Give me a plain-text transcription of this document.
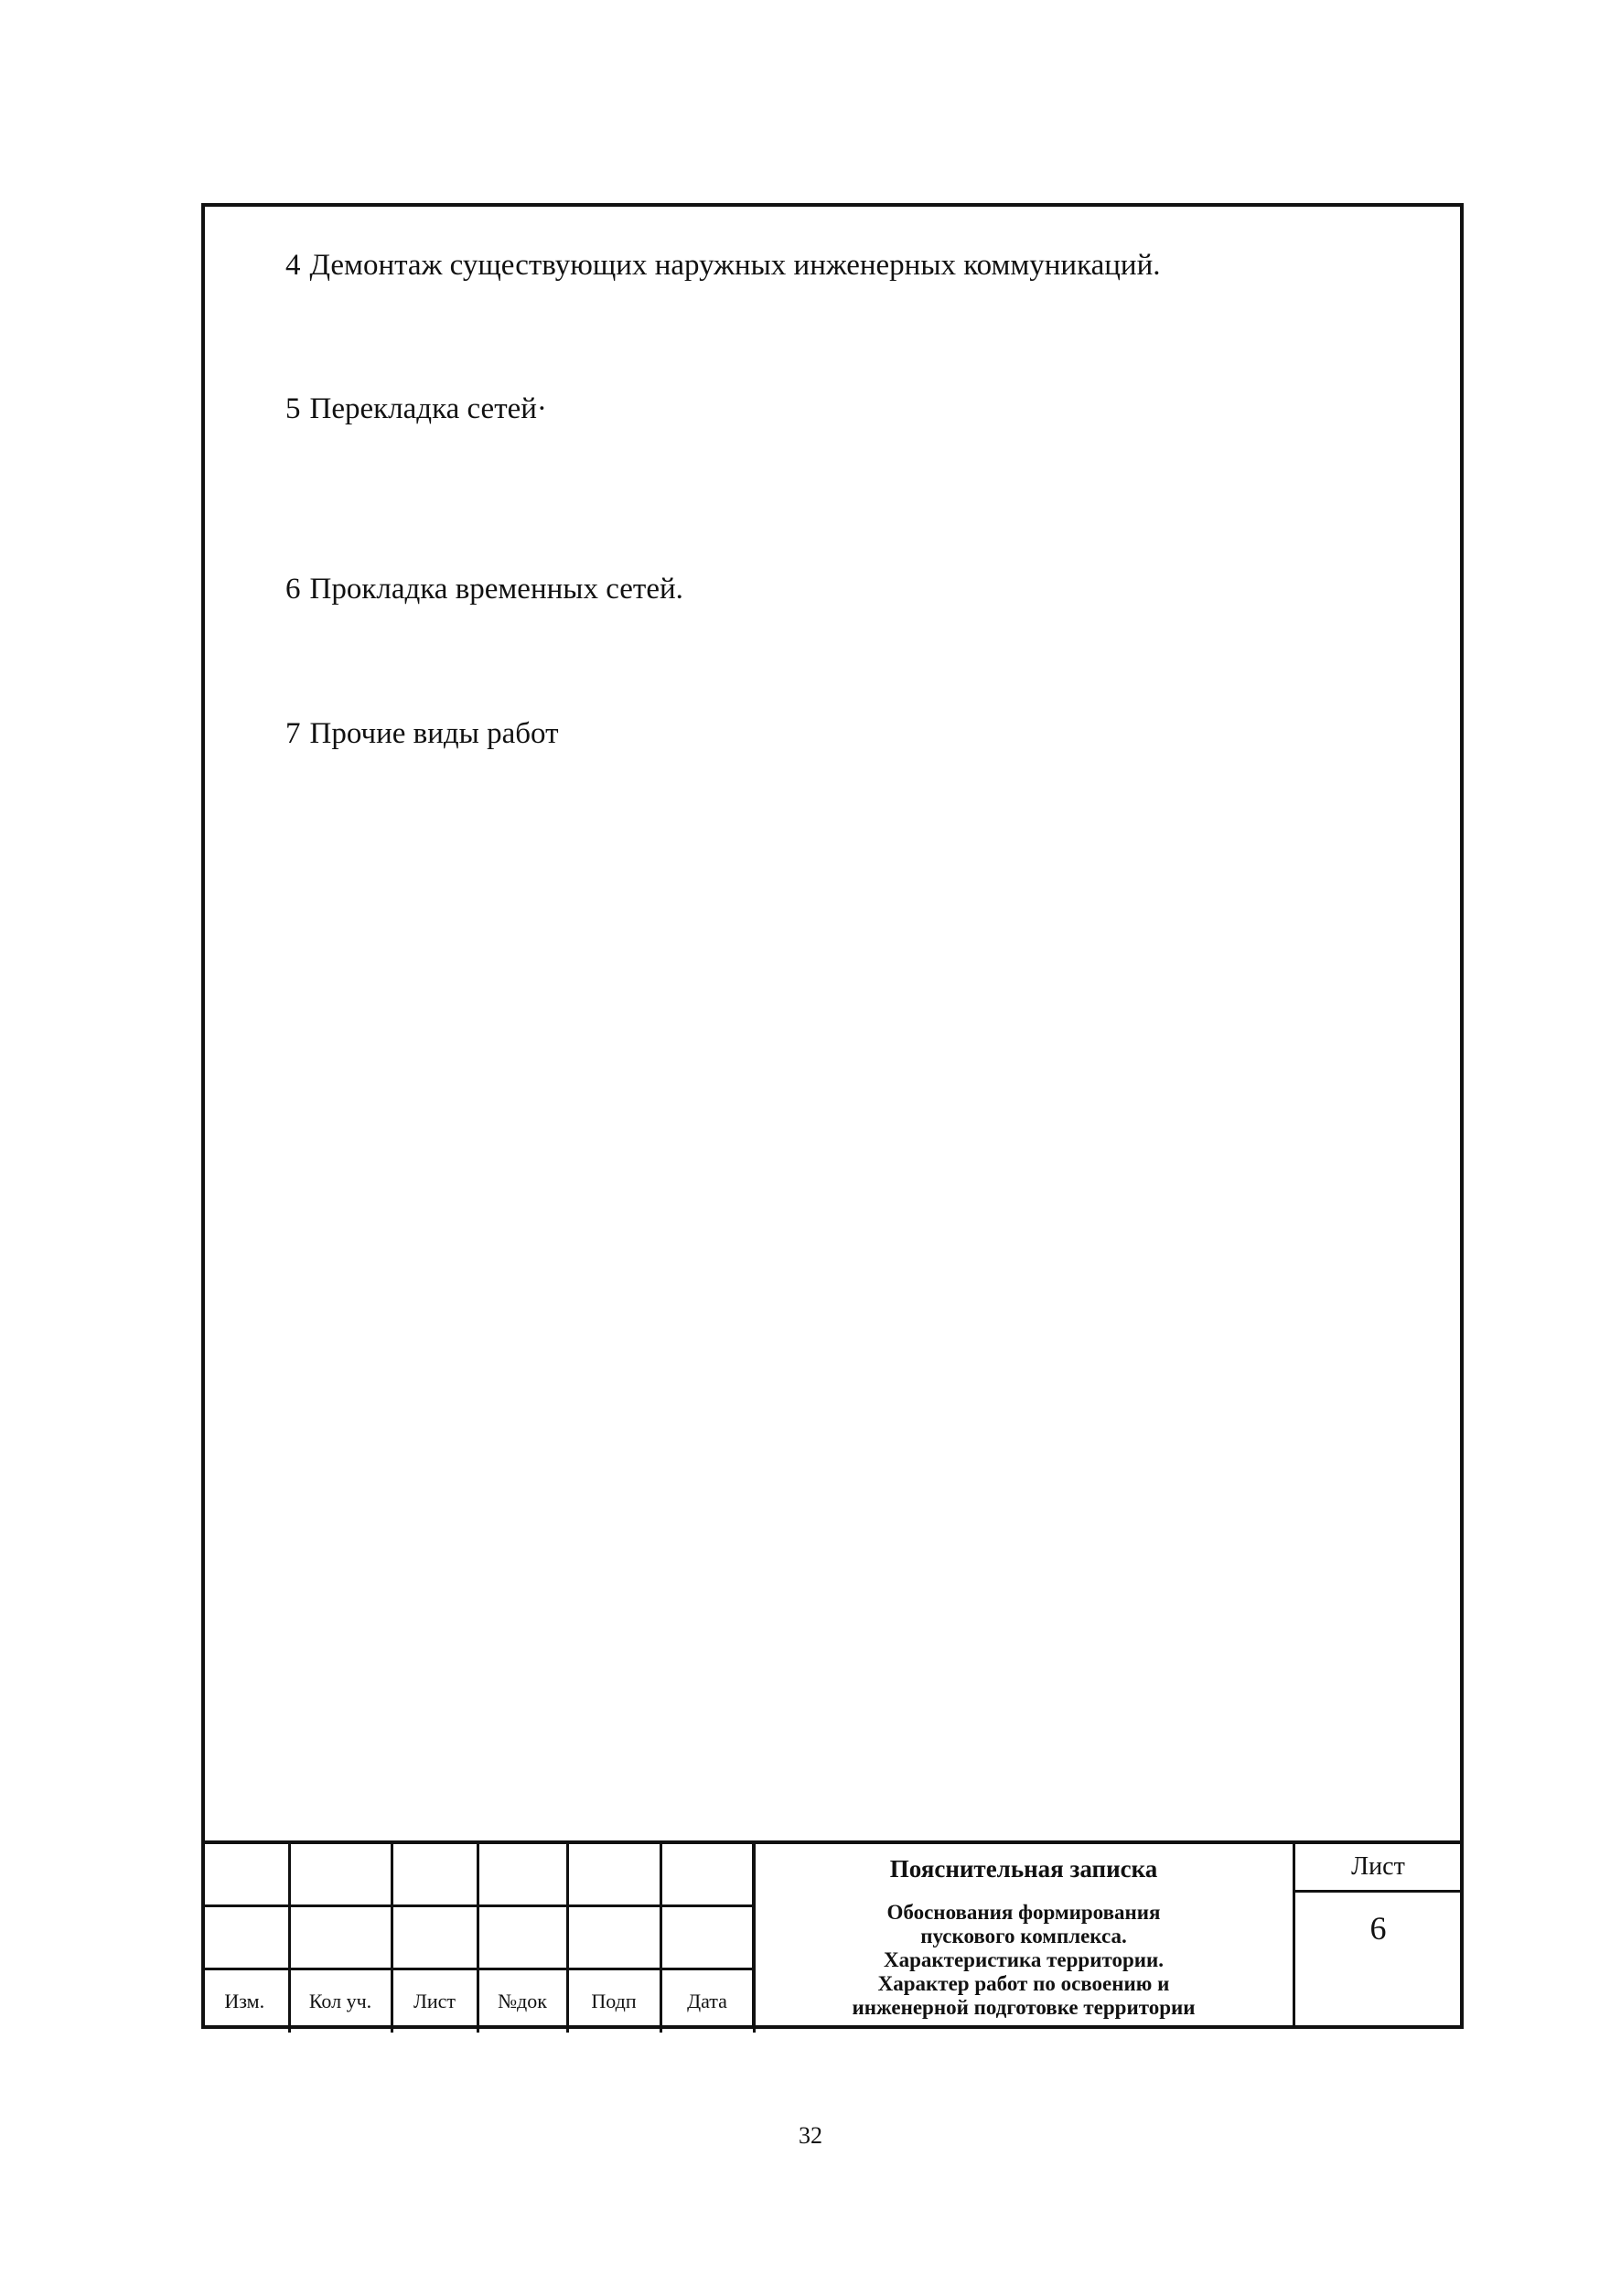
4 Демонтаж существующих наружных инженерных коммуникаций.
5 Перекладка сетей·
6 Прокладка временных сетей.
7 Прочие виды работ

Изм.	Кол уч.	Лист	№док	Подп	Дата
Пояснительная записка
Обоснования формирования
пускового комплекса.
Характеристика территории.
Характер работ по освоению и
инженерной подготовке территории
Лист
6
32
